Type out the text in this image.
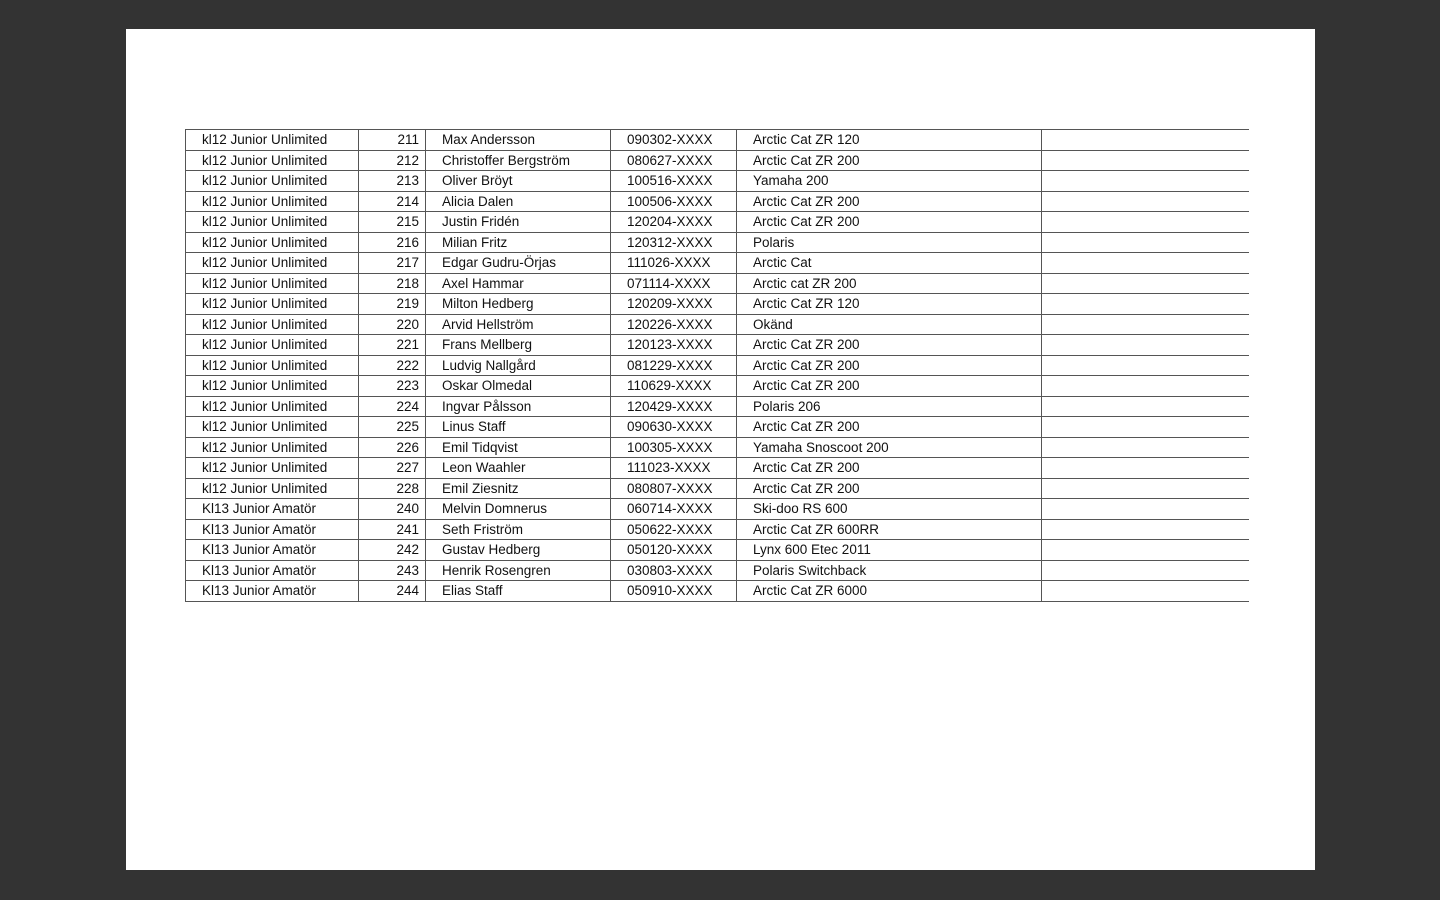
kl12 Junior Unlimited	211	Max Andersson	090302-XXXX	Arctic Cat ZR 120	
kl12 Junior Unlimited	212	Christoffer Bergström	080627-XXXX	Arctic Cat ZR 200	
kl12 Junior Unlimited	213	Oliver Bröyt	100516-XXXX	Yamaha 200	
kl12 Junior Unlimited	214	Alicia Dalen	100506-XXXX	Arctic Cat ZR 200	
kl12 Junior Unlimited	215	Justin Fridén	120204-XXXX	Arctic Cat ZR 200	
kl12 Junior Unlimited	216	Milian Fritz	120312-XXXX	Polaris	
kl12 Junior Unlimited	217	Edgar Gudru-Örjas	111026-XXXX	Arctic Cat	
kl12 Junior Unlimited	218	Axel Hammar	071114-XXXX	Arctic cat ZR 200	
kl12 Junior Unlimited	219	Milton Hedberg	120209-XXXX	Arctic Cat ZR 120	
kl12 Junior Unlimited	220	Arvid Hellström	120226-XXXX	Okänd	
kl12 Junior Unlimited	221	Frans Mellberg	120123-XXXX	Arctic Cat ZR 200	
kl12 Junior Unlimited	222	Ludvig Nallgård	081229-XXXX	Arctic Cat ZR 200	
kl12 Junior Unlimited	223	Oskar Olmedal	110629-XXXX	Arctic Cat ZR 200	
kl12 Junior Unlimited	224	Ingvar Pålsson	120429-XXXX	Polaris 206	
kl12 Junior Unlimited	225	Linus Staff	090630-XXXX	Arctic Cat ZR 200	
kl12 Junior Unlimited	226	Emil Tidqvist	100305-XXXX	Yamaha Snoscoot 200	
kl12 Junior Unlimited	227	Leon Waahler	111023-XXXX	Arctic Cat ZR 200	
kl12 Junior Unlimited	228	Emil Ziesnitz	080807-XXXX	Arctic Cat ZR 200	
Kl13 Junior Amatör	240	Melvin Domnerus	060714-XXXX	Ski-doo RS 600	
Kl13 Junior Amatör	241	Seth Friström	050622-XXXX	Arctic Cat ZR 600RR	
Kl13 Junior Amatör	242	Gustav Hedberg	050120-XXXX	Lynx 600 Etec 2011	
Kl13 Junior Amatör	243	Henrik Rosengren	030803-XXXX	Polaris Switchback	
Kl13 Junior Amatör	244	Elias Staff	050910-XXXX	Arctic Cat ZR 6000	
